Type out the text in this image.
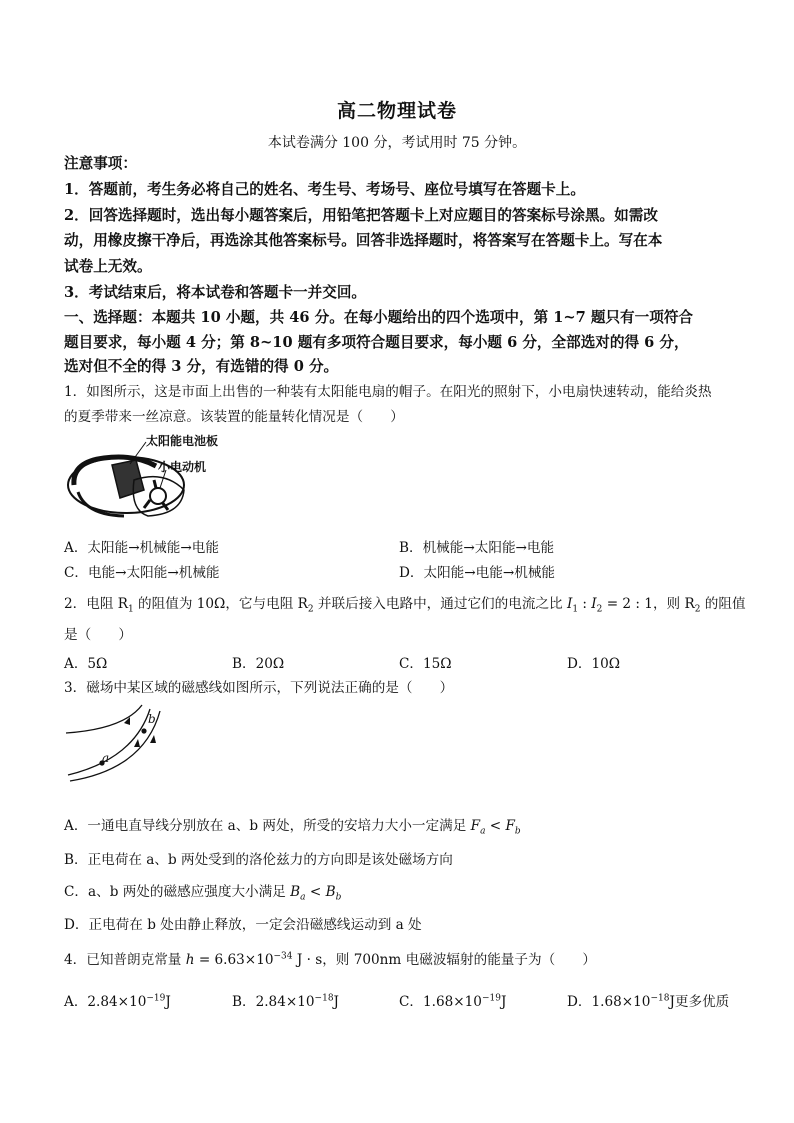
高二物理试卷
本试卷满分 100 分，考试用时 75 分钟。
注意事项：
1．答题前，考生务必将自己的姓名、考生号、考场号、座位号填写在答题卡上。
2．回答选择题时，选出每小题答案后，用铅笔把答题卡上对应题目的答案标号涂黑。如需改
动，用橡皮擦干净后，再选涂其他答案标号。回答非选择题时，将答案写在答题卡上。写在本
试卷上无效。
3．考试结束后，将本试卷和答题卡一并交回。
一、选择题：本题共 10 小题，共 46 分。在每小题给出的四个选项中，第 1~7 题只有一项符合
题目要求，每小题 4 分；第 8~10 题有多项符合题目要求，每小题 6 分，全部选对的得 6 分，
选对但不全的得 3 分，有选错的得 0 分。
1．如图所示，这是市面上出售的一种装有太阳能电扇的帽子。在阳光的照射下，小电扇快速转动，能给炎热
的夏季带来一丝凉意。该装置的能量转化情况是（　　）
太阳能电池板
小电动机
A．太阳能→机械能→电能	B．机械能→太阳能→电能
C．电能→太阳能→机械能	D．太阳能→电能→机械能
2．电阻 $R_1$ 的阻值为 10Ω，它与电阻 $R_2$ 并联后接入电路中，通过它们的电流之比 $I_1$ : $I_2 = 2$ : 1，则 $R_2$ 的阻值
是（　　）
A．5Ω	B．20Ω	C．15Ω	D．10Ω
3．磁场中某区域的磁感线如图所示，下列说法正确的是（　　）
a
b
A．一通电直导线分别放在 a、b 两处，所受的安培力大小一定满足 $F_a < F_b$
B．正电荷在 a、b 两处受到的洛伦兹力的方向即是该处磁场方向
C．a、b 两处的磁感应强度大小满足 $B_a < B_b$
D．正电荷在 b 处由静止释放，一定会沿磁感线运动到 a 处
4．已知普朗克常量 $h = 6.63\times 10^{-34}$ J · s，则 700nm 电磁波辐射的能量子为（　　）
A．$2.84\times 10^{-19}J$	B．$2.84\times 10^{-18}J$	C．$1.68\times 10^{-19}J$	D．$1.68\times 10^{-18}J$更多优质
